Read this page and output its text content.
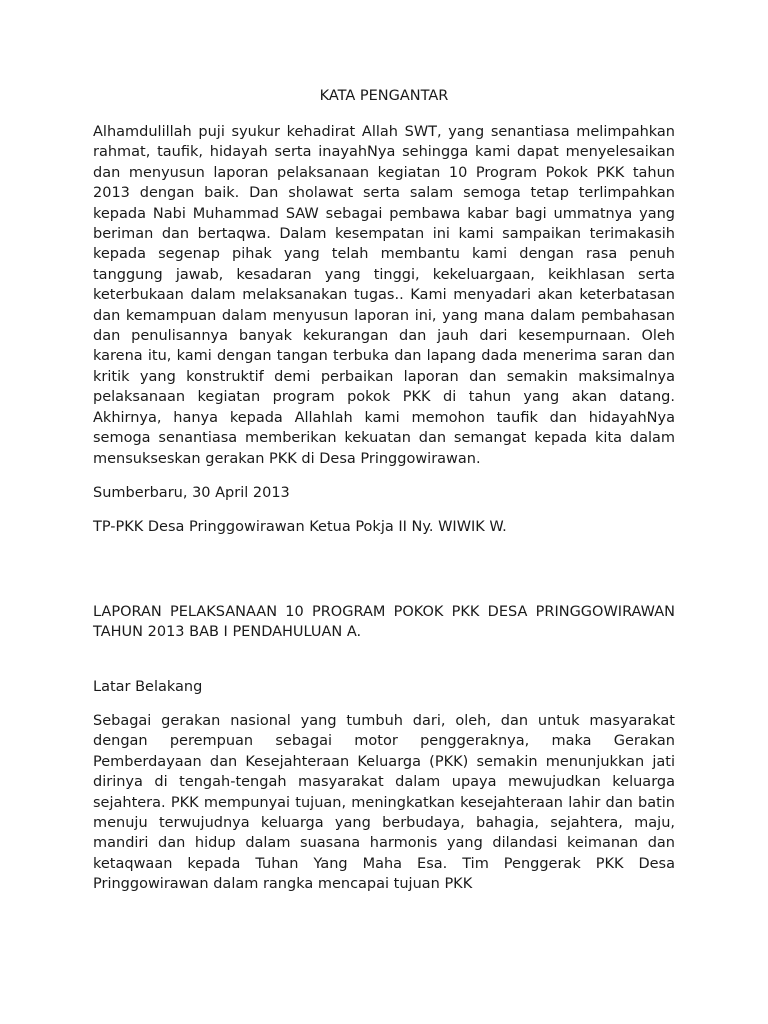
KATA PENGANTAR

Alhamdulillah puji syukur kehadirat Allah SWT, yang senantiasa melimpahkan rahmat, taufik, hidayah serta inayahNya sehingga kami dapat menyelesaikan dan menyusun laporan pelaksanaan kegiatan 10 Program Pokok PKK tahun 2013 dengan baik. Dan sholawat serta salam semoga tetap terlimpahkan kepada Nabi Muhammad SAW sebagai pembawa kabar bagi ummatnya yang beriman dan bertaqwa. Dalam kesempatan ini kami sampaikan terimakasih kepada segenap pihak yang telah membantu kami dengan rasa penuh tanggung jawab, kesadaran yang tinggi, kekeluargaan, keikhlasan serta keterbukaan dalam melaksanakan tugas.. Kami menyadari akan keterbatasan dan kemampuan dalam menyusun laporan ini, yang mana dalam pembahasan dan penulisannya banyak kekurangan dan jauh dari kesempurnaan. Oleh karena itu, kami dengan tangan terbuka dan lapang dada menerima saran dan kritik yang konstruktif demi perbaikan laporan dan semakin maksimalnya pelaksanaan kegiatan program pokok PKK di tahun yang akan datang. Akhirnya, hanya kepada Allahlah kami memohon taufik dan hidayahNya semoga senantiasa memberikan kekuatan dan semangat kepada kita dalam mensukseskan gerakan PKK di Desa Pringgowirawan.

Sumberbaru, 30 April 2013

TP-PKK Desa Pringgowirawan Ketua Pokja II Ny. WIWIK W.

LAPORAN PELAKSANAAN 10 PROGRAM POKOK PKK DESA PRINGGOWIRAWAN TAHUN 2013 BAB I PENDAHULUAN A.

Latar Belakang

Sebagai gerakan nasional yang tumbuh dari, oleh, dan untuk masyarakat dengan perempuan sebagai motor penggeraknya, maka Gerakan Pemberdayaan dan Kesejahteraan Keluarga (PKK) semakin menunjukkan jati dirinya di tengah-tengah masyarakat dalam upaya mewujudkan keluarga sejahtera. PKK mempunyai tujuan, meningkatkan kesejahteraan lahir dan batin menuju terwujudnya keluarga yang berbudaya, bahagia, sejahtera, maju, mandiri dan hidup dalam suasana harmonis yang dilandasi keimanan dan ketaqwaan kepada Tuhan Yang Maha Esa. Tim Penggerak PKK Desa Pringgowirawan dalam rangka mencapai tujuan PKK
